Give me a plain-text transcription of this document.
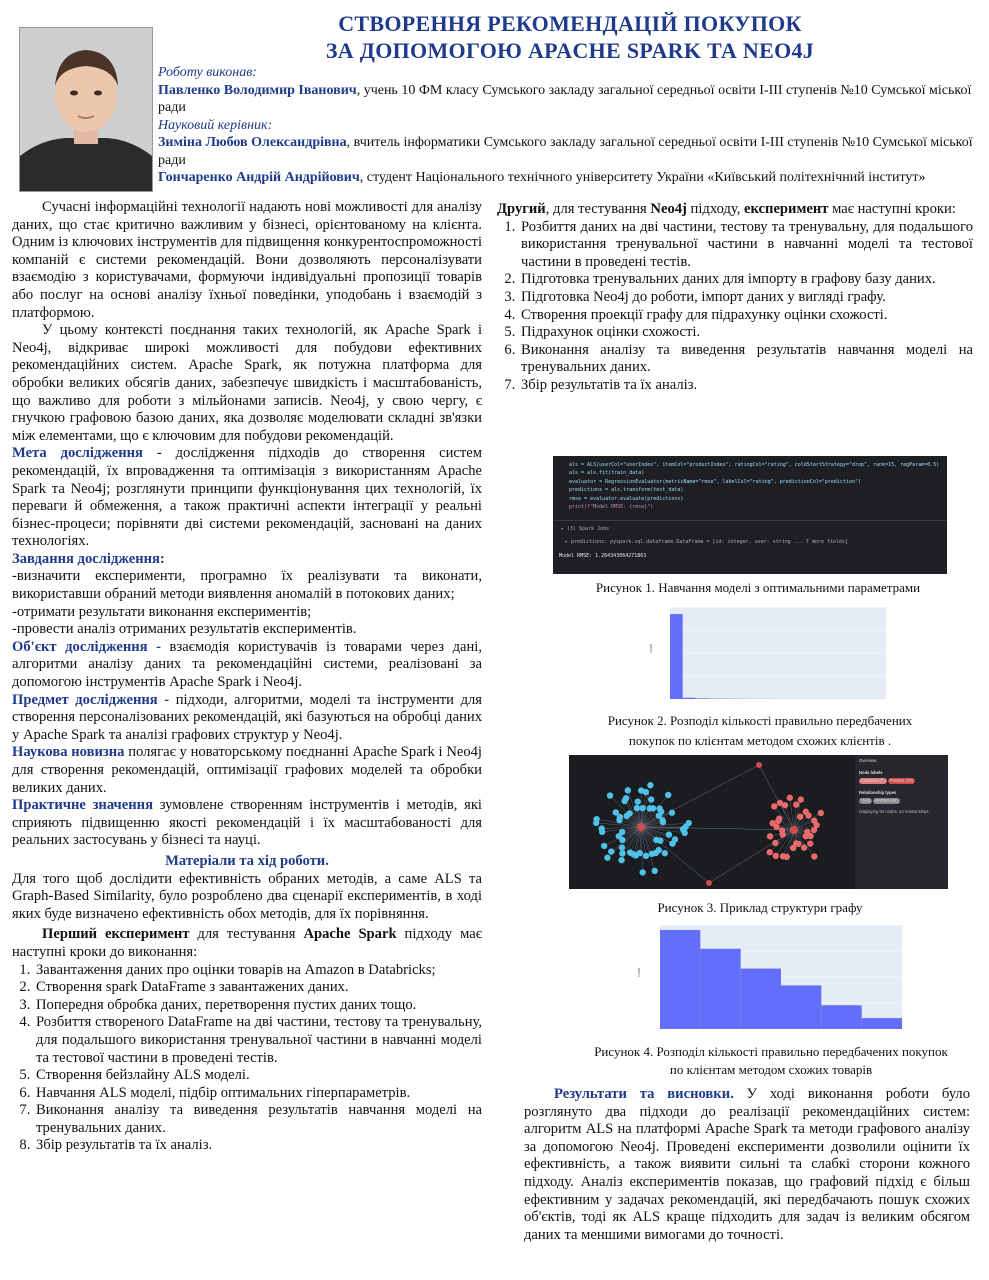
СТВОРЕННЯ РЕКОМЕНДАЦІЙ ПОКУПОК
ЗА ДОПОМОГОЮ APACHE SPARK ТА NEO4J
Роботу виконав:
Павленко Володимир Іванович, учень 10 ФМ класу Сумського закладу загальної середньої освіти І-ІІІ ступенів №10 Сумської міської ради
Науковий керівник:
Зиміна Любов Олександрівна, вчитель інформатики Сумського закладу загальної середньої освіти І-ІІІ ступенів №10 Сумської міської ради
Гончаренко Андрій Андрійович, студент Національного технічного університету України «Київський політехнічний інститут»

Сучасні інформаційні технології надають нові можливості для аналізу даних, що стає критично важливим у бізнесі, орієнтованому на клієнта. Одним із ключових інструментів для підвищення конкурентоспроможності компаній є системи рекомендацій. Вони дозволяють персоналізувати взаємодію з користувачами, формуючи індивідуальні пропозиції товарів або послуг на основі аналізу їхньої поведінки, уподобань і взаємодій з платформою.

У цьому контексті поєднання таких технологій, як Apache Spark і Neo4j, відкриває широкі можливості для побудови ефективних рекомендаційних систем. Apache Spark, як потужна платформа для обробки великих обсягів даних, забезпечує швидкість і масштабованість, що важливо для роботи з мільйонами записів. Neo4j, у свою чергу, є гнучкою графовою базою даних, яка дозволяє моделювати складні зв'язки між елементами, що є ключовим для побудови рекомендацій.

Мета дослідження - дослідження підходів до створення систем рекомендацій, їх впровадження та оптимізація з використанням Apache Spark та Neo4j; розглянути принципи функціонування цих технологій, їх переваги й обмеження, а також практичні аспекти інтеграції у реальні бізнес-процеси; порівняти дві системи рекомендацій, засновані на даних технологіях.

Завдання дослідження:

-визначити експерименти, програмно їх реалізувати та виконати, використавши обраний методи виявлення аномалій в потокових даних;

-отримати результати виконання експериментів;

-провести аналіз отриманих результатів експериментів.

Об'єкт дослідження - взаємодія користувачів із товарами через дані, алгоритми аналізу даних та рекомендаційні системи, реалізовані за допомогою інструментів Apache Spark і Neo4j.

Предмет дослідження - підходи, алгоритми, моделі та інструменти для створення персоналізованих рекомендацій, які базуються на обробці даних у Apache Spark та аналізі графових структур у Neo4j.

Наукова новизна полягає у новаторському поєднанні Apache Spark і Neo4j для створення рекомендацій, оптимізації графових моделей та обробки великих даних.

Практичне значення зумовлене створенням інструментів і методів, які сприяють підвищенню якості рекомендацій і їх масштабованості для реальних застосувань у бізнесі та науці.

Матеріали та хід роботи.

Для того щоб дослідити ефективність обраних методів, а саме ALS та Graph-Based Similarity, було розроблено два сценарії експериментів, в ході яких буде визначено ефективність обох методів, для їх порівняння.

Перший експеримент для тестування Apache Spark підходу має наступні кроки до виконання:

1. Завантаження даних про оцінки товарів на Amazon в Databricks;
2. Створення spark DataFrame з завантажених даних.
3. Попередня обробка даних, перетворення пустих даних тощо.
4. Розбиття створеного DataFrame на дві частини, тестову та тренувальну, для подальшого використання тренувальної частини в навчанні моделі та тестової частини в проведені тестів.
5. Створення бейзлайну ALS моделі.
6. Навчання ALS моделі, підбір оптимальних гіперпараметрів.
7. Виконання аналізу та виведення результатів навчання моделі на тренувальних даних.
8. Збір результатів та їх аналіз.

Другий, для тестування Neo4j підходу, експеримент має наступні кроки:

1. Розбиття даних на дві частини, тестову та тренувальну, для подальшого використання тренувальної частини в навчанні моделі та тестової частини в проведені тестів.
2. Підготовка тренувальних даних для імпорту в графову базу даних.
3. Підготовка Neo4j до роботи, імпорт даних у вигляді графу.
4. Створення проекції графу для підрахунку оцінки схожості.
5. Підрахунок оцінки схожості.
6. Виконання аналізу та виведення результатів навчання моделі на тренувальних даних.
7. Збір результатів та їх аналіз.
als = ALS(userCol="userIndex", itemCol="productIndex", ratingCol="rating", coldStartStrategy="drop", rank=15, regParam=0.5)
als = als.fit(train_data)
evaluator = RegressionEvaluator(metricName="rmse", labelCol="rating", predictionCol="prediction")
predictions = als.transform(test_data)
rmse = evaluator.evaluate(predictions)
print(f"Model RMSE: {rmse}")
▸ (3) Spark Jobs
▸ predictions: pyspark.sql.dataframe.DataFrame = [id: integer, user: string ... 7 more fields]
Model RMSE: 1.264343064271863
Рисунок 1. Навчання моделі з оптимальними параметрами
count
Рисунок 2. Розподіл кількості правильно передбачених
покупок по клієнтам методом схожих клієнтів .
Overview
Node labels
Customer (*) Product (29)
Relationship types
*(44) RATED (44)
Displaying 64 nodes, 44 relationships.
Рисунок 3. Приклад структури графу
count
Рисунок 4. Розподіл кількості правильно передбачених покупок
по клієнтам методом схожих товарів

Результати та висновки. У ході виконання роботи було розглянуто два підходи до реалізації рекомендаційних систем: алгоритм ALS на платформі Apache Spark та методи графового аналізу за допомогою Neo4j. Проведені експерименти дозволили оцінити їх ефективність, а також виявити сильні та слабкі сторони кожного підходу. Аналіз експериментів показав, що графовий підхід є більш ефективним у задачах рекомендацій, які передбачають пошук схожих об'єктів, тоді як ALS краще підходить для задач із великим обсягом даних та меншими вимогами до точності.
